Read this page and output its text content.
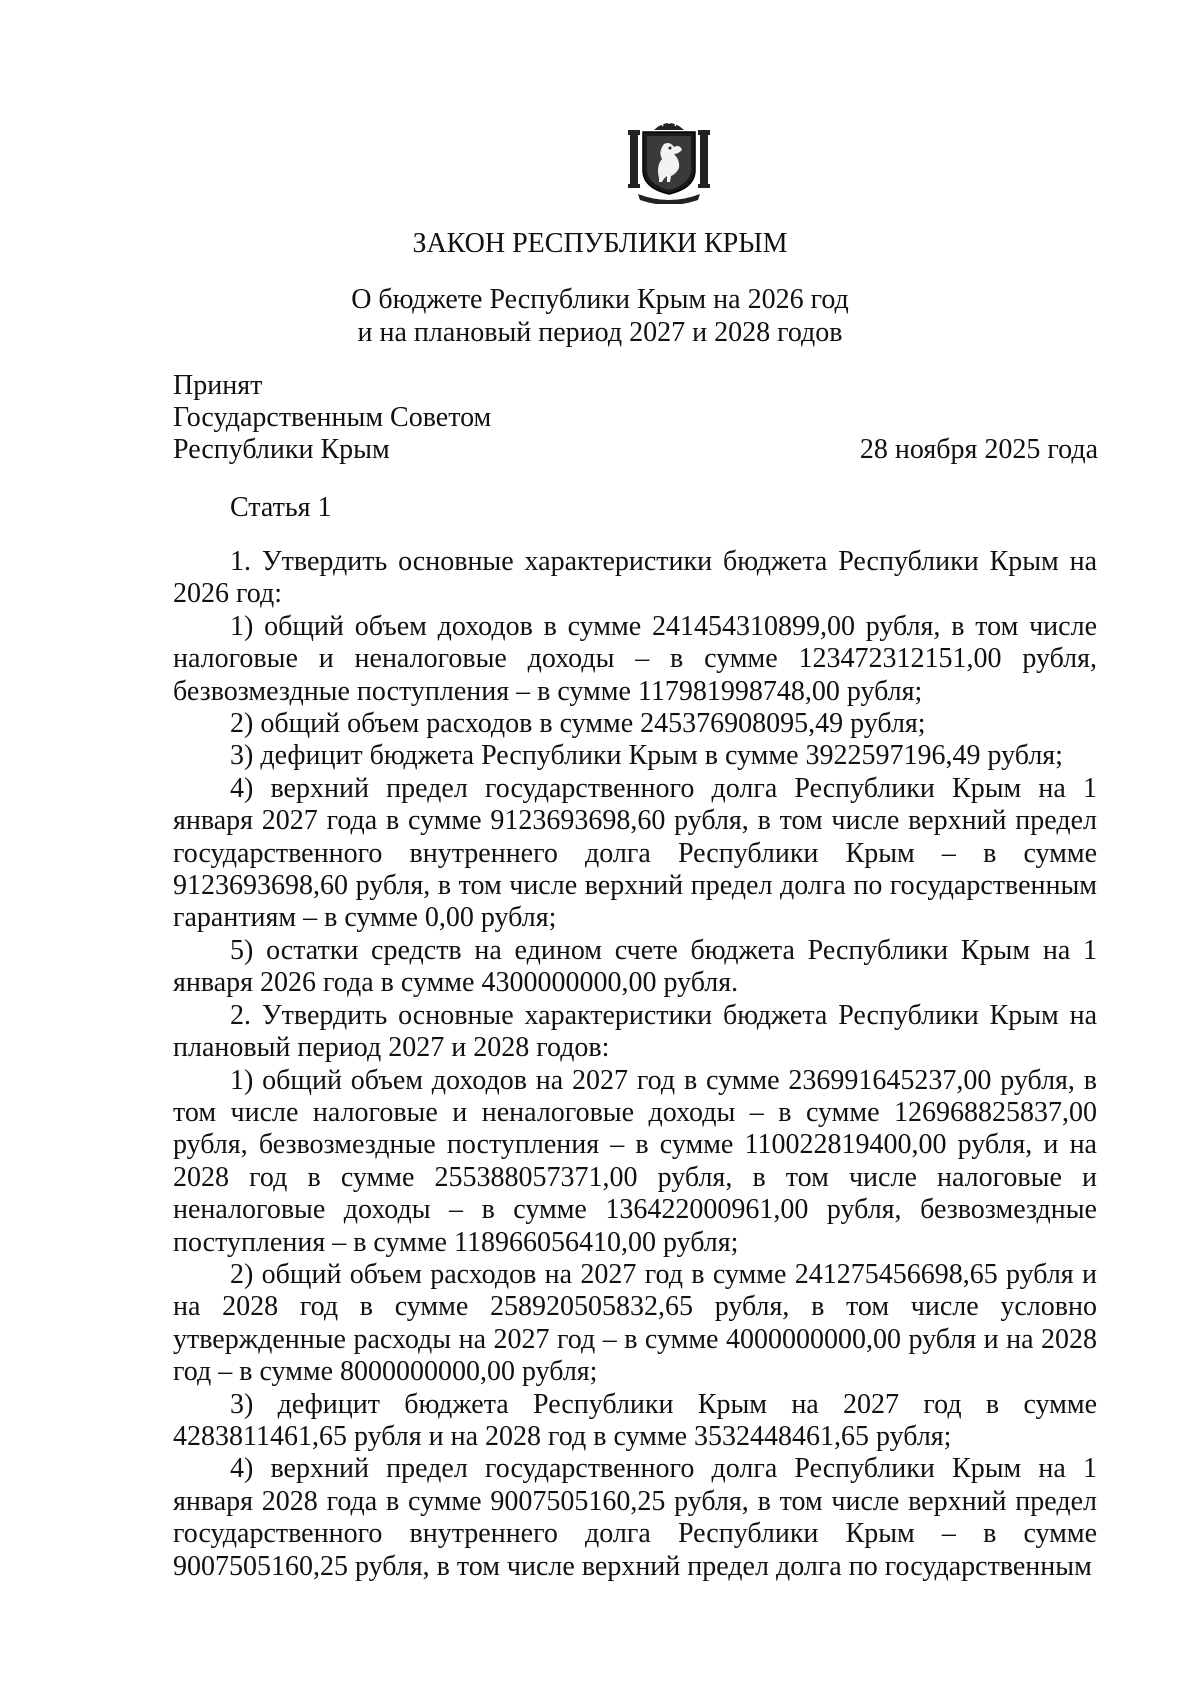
ЗАКОН РЕСПУБЛИКИ КРЫМ
О бюджете Республики Крым на 2026 год
и на плановый период 2027 и 2028 годов
Принят
Государственным Советом
Республики Крым	28 ноября 2025 года
Статья 1

1. Утвердить основные характеристики бюджета Республики Крым на 2026 год:

1) общий объем доходов в сумме 241454310899,00 рубля, в том числе налоговые и неналоговые доходы – в сумме 123472312151,00 рубля, безвозмездные поступления – в сумме 117981998748,00 рубля;

2) общий объем расходов в сумме 245376908095,49 рубля;

3) дефицит бюджета Республики Крым в сумме 3922597196,49 рубля;

4) верхний предел государственного долга Республики Крым на 1 января 2027 года в сумме 9123693698,60 рубля, в том числе верхний предел государственного внутреннего долга Республики Крым – в сумме 9123693698,60 рубля, в том числе верхний предел долга по государственным гарантиям – в сумме 0,00 рубля;

5) остатки средств на едином счете бюджета Республики Крым на 1 января 2026 года в сумме 4300000000,00 рубля.

2. Утвердить основные характеристики бюджета Республики Крым на плановый период 2027 и 2028 годов:

1) общий объем доходов на 2027 год в сумме 236991645237,00 рубля, в том числе налоговые и неналоговые доходы – в сумме 126968825837,00 рубля, безвозмездные поступления – в сумме 110022819400,00 рубля, и на 2028 год в сумме 255388057371,00 рубля, в том числе налоговые и неналоговые доходы – в сумме 136422000961,00 рубля, безвозмездные поступления – в сумме 118966056410,00 рубля;

2) общий объем расходов на 2027 год в сумме 241275456698,65 рубля и на 2028 год в сумме 258920505832,65 рубля, в том числе условно утвержденные расходы на 2027 год – в сумме 4000000000,00 рубля и на 2028 год – в сумме 8000000000,00 рубля;

3) дефицит бюджета Республики Крым на 2027 год в сумме 4283811461,65 рубля и на 2028 год в сумме 3532448461,65 рубля;

4) верхний предел государственного долга Республики Крым на 1 января 2028 года в сумме 9007505160,25 рубля, в том числе верхний предел государственного внутреннего долга Республики Крым – в сумме 9007505160,25 рубля, в том числе верхний предел долга по государственным
